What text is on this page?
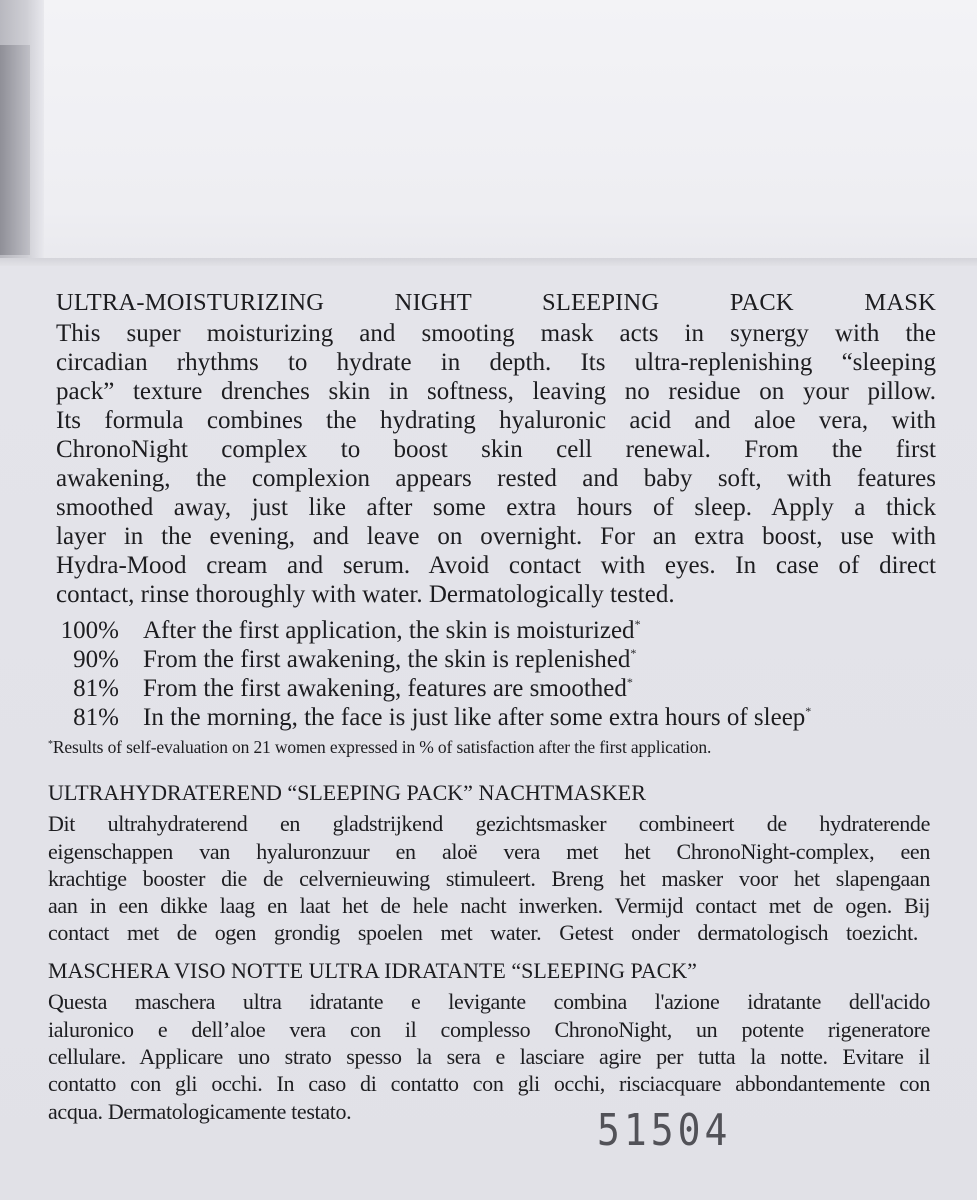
ULTRA-MOISTURIZING NIGHT SLEEPING PACK MASK

This super moisturizing and smooting mask acts in synergy with the

circadian rhythms to hydrate in depth. Its ultra-replenishing “sleeping

pack” texture drenches skin in softness, leaving no residue on your pillow.

Its formula combines the hydrating hyaluronic acid and aloe vera, with

ChronoNight complex to boost skin cell renewal. From the first

awakening, the complexion appears rested and baby soft, with features

smoothed away, just like after some extra hours of sleep. Apply a thick

layer in the evening, and leave on overnight. For an extra boost, use with

Hydra-Mood cream and serum. Avoid contact with eyes. In case of direct

contact, rinse thoroughly with water. Dermatologically tested.

100% After the first application, the skin is moisturized*
90% From the first awakening, the skin is replenished*
81% From the first awakening, features are smoothed*
81% In the morning, the face is just like after some extra hours of sleep*
*Results of self-evaluation on 21 women expressed in % of satisfaction after the first application.

ULTRAHYDRATEREND “SLEEPING PACK” NACHTMASKER

Dit ultrahydraterend en gladstrijkend gezichtsmasker combineert de hydraterende

eigenschappen van hyaluronzuur en aloë vera met het ChronoNight-complex, een

krachtige booster die de celvernieuwing stimuleert. Breng het masker voor het slapengaan

aan in een dikke laag en laat het de hele nacht inwerken. Vermijd contact met de ogen. Bij

contact met de ogen grondig spoelen met water. Getest onder dermatologisch toezicht.

MASCHERA VISO NOTTE ULTRA IDRATANTE “SLEEPING PACK”

Questa maschera ultra idratante e levigante combina l'azione idratante dell'acido

ialuronico e dell’aloe vera con il complesso ChronoNight, un potente rigeneratore

cellulare. Applicare uno strato spesso la sera e lasciare agire per tutta la notte. Evitare il

contatto con gli occhi. In caso di contatto con gli occhi, risciacquare abbondantemente con

acqua. Dermatologicamente testato.	51504
